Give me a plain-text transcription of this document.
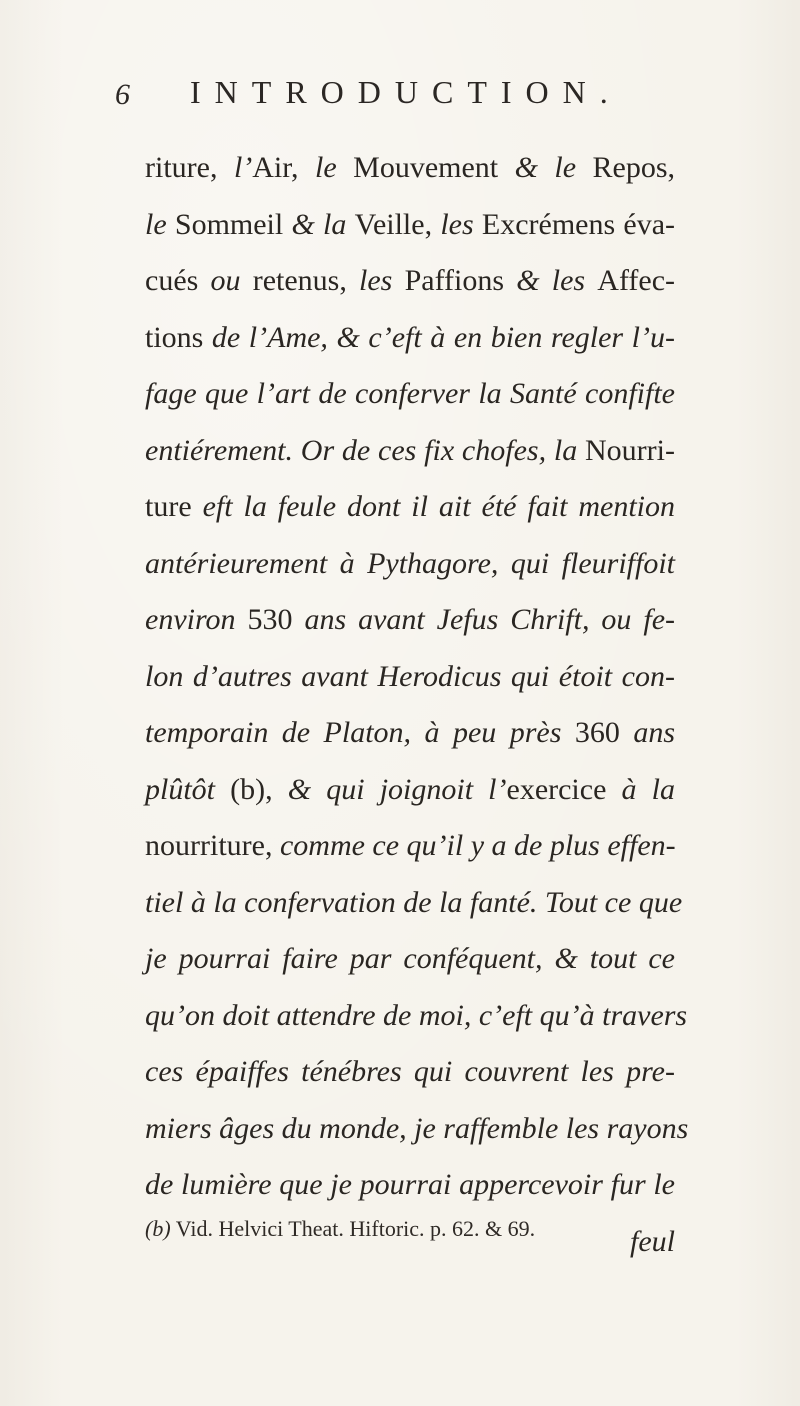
6 INTRODUCTION.
riture, l’Air, le Mouvement & le Repos,
le Sommeil & la Veille, les Excrémens éva-
cués ou retenus, les Paffions & les Affec-
tions de l’Ame, & c’eft à en bien regler l’u-
fage que l’art de conferver la Santé confifte
entiérement. Or de ces fix chofes, la Nourri-
ture eft la feule dont il ait été fait mention
antérieurement à Pythagore, qui fleuriffoit
environ 530 ans avant Jefus Chrift, ou fe-
lon d’autres avant Herodicus qui étoit con-
temporain de Platon, à peu près 360 ans
plûtôt (b), & qui joignoit l’exercice à la
nourriture, comme ce qu’il y a de plus effen-
tiel à la confervation de la fanté. Tout ce que
je pourrai faire par conféquent, & tout ce
qu’on doit attendre de moi, c’eft qu’à travers
ces épaiffes ténébres qui couvrent les pre-
miers âges du monde, je raffemble les rayons
de lumière que je pourrai appercevoir fur le
feul
(b) Vid. Helvici Theat. Hiftoric. p. 62. & 69.
